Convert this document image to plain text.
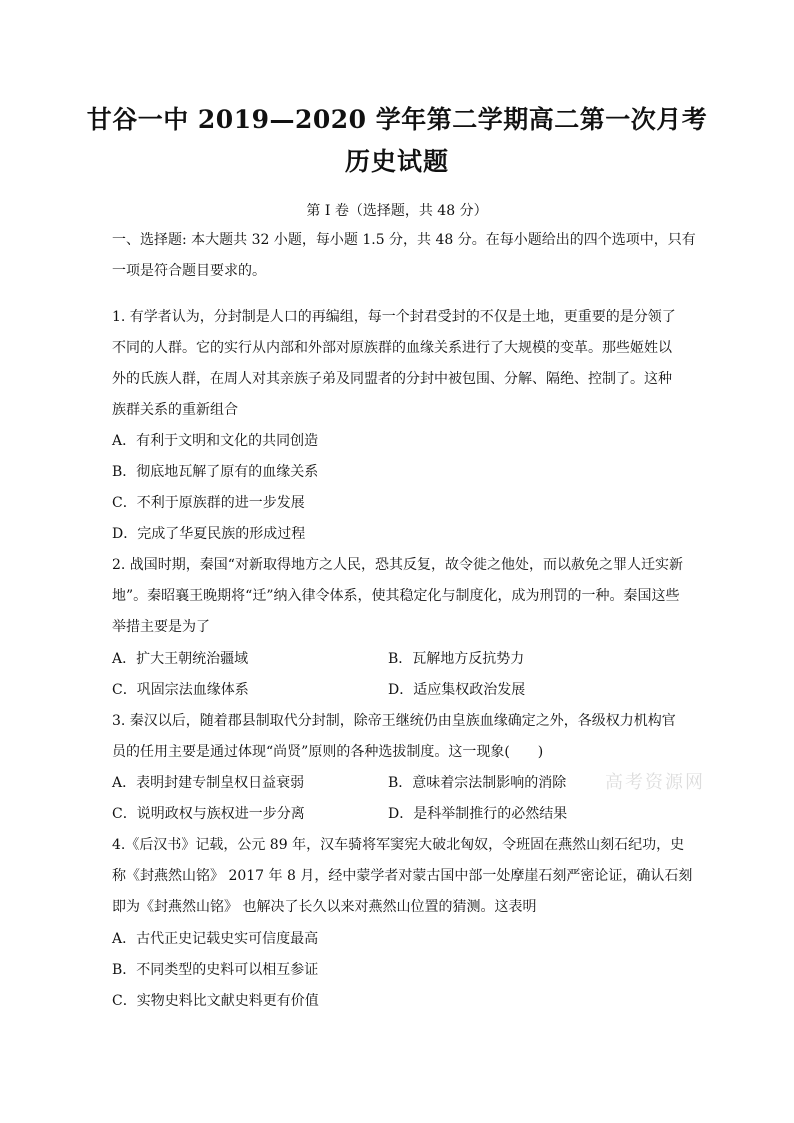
甘谷一中 2019—2020 学年第二学期高二第一次月考
历史试题
第 I 卷（选择题，共 48 分）
一、选择题: 本大题共 32 小题，每小题 1.5 分，共 48 分。在每小题给出的四个选项中，只有
一项是符合题目要求的。
1. 有学者认为，分封制是人口的再编组，每一个封君受封的不仅是土地，更重要的是分领了
不同的人群。它的实行从内部和外部对原族群的血缘关系进行了大规模的变革。那些姬姓以
外的氏族人群，在周人对其亲族子弟及同盟者的分封中被包围、分解、隔绝、控制了。这种
族群关系的重新组合
A．有利于文明和文化的共同创造
B．彻底地瓦解了原有的血缘关系
C．不利于原族群的进一步发展
D．完成了华夏民族的形成过程
2. 战国时期，秦国“对新取得地方之人民，恐其反复，故令徙之他处，而以赦免之罪人迁实新
地”。秦昭襄王晚期将“迁”纳入律令体系，使其稳定化与制度化，成为刑罚的一种。秦国这些
举措主要是为了
A．扩大王朝统治疆域	B．瓦解地方反抗势力
C．巩固宗法血缘体系	D．适应集权政治发展
3. 秦汉以后，随着郡县制取代分封制，除帝王继统仍由皇族血缘确定之外，各级权力机构官
员的任用主要是通过体现“尚贤”原则的各种选拔制度。这一现象(　　)
A．表明封建专制皇权日益衰弱	B．意味着宗法制影响的消除
C．说明政权与族权进一步分离	D．是科举制推行的必然结果
4.《后汉书》记载，公元 89 年，汉车骑将军窦宪大破北匈奴，令班固在燕然山刻石纪功，史
称《封燕然山铭》 2017 年 8 月，经中蒙学者对蒙古国中部一处摩崖石刻严密论证，确认石刻
即为《封燕然山铭》 也解决了长久以来对燕然山位置的猜测。这表明
A．古代正史记载史实可信度最高
B．不同类型的史料可以相互参证
C．实物史料比文献史料更有价值
高考资源网
